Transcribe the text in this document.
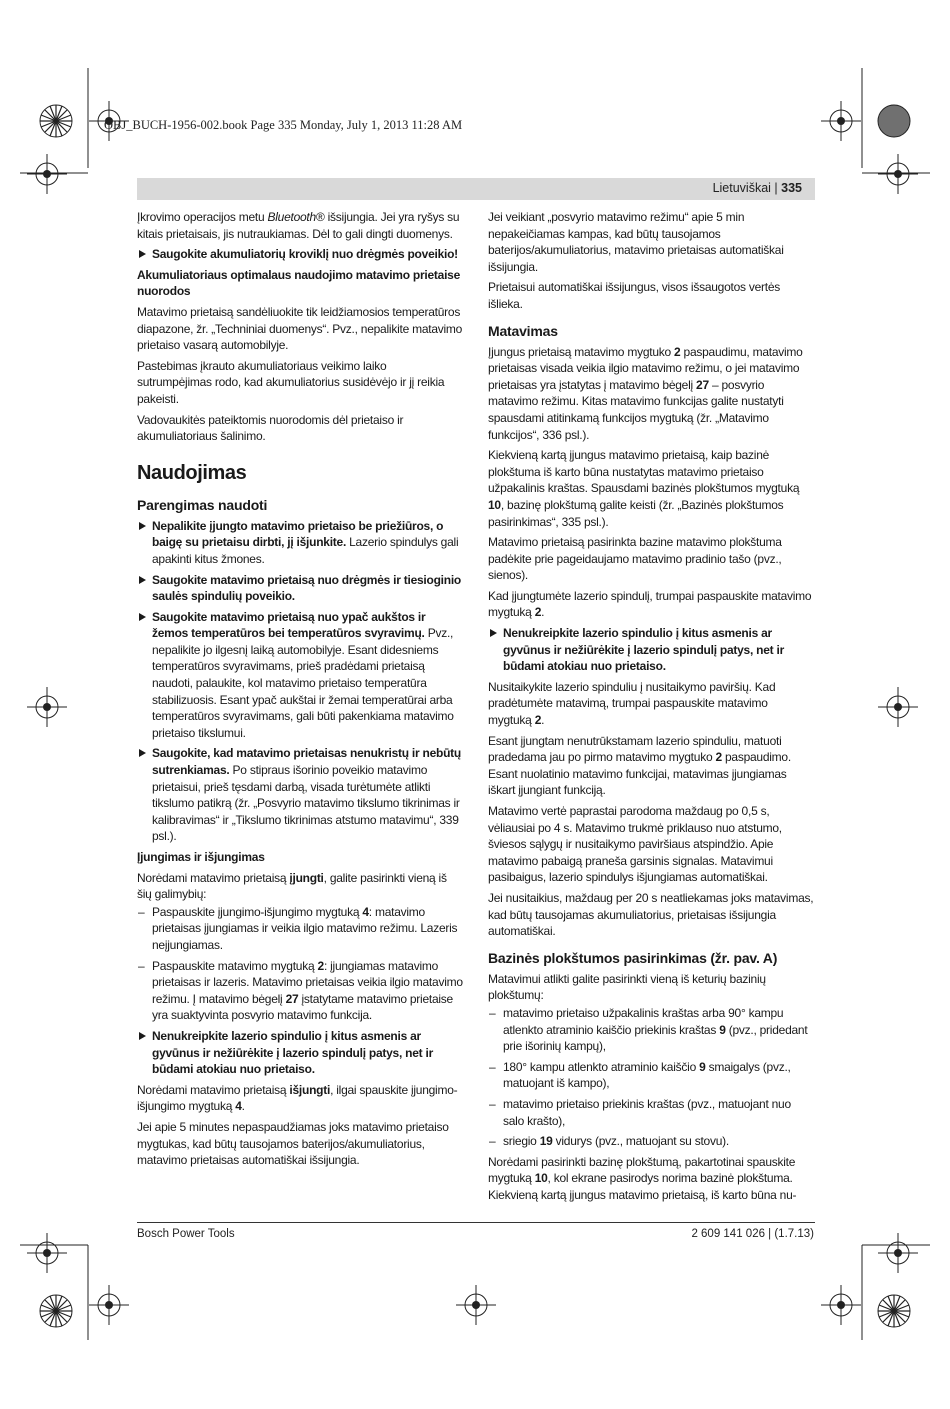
OBJ_BUCH-1956-002.book Page 335 Monday, July 1, 2013 11:28 AM
Lietuviškai | 335

Įkrovimo operacijos metu Bluetooth® išsijungia. Jei yra ryšys su kitais prietaisais, jis nutraukiamas. Dėl to gali dingti duomenys.

Saugokite akumuliatorių kroviklį nuo drėgmės poveikio!

Akumuliatoriaus optimalaus naudojimo matavimo prietaise nuorodos

Matavimo prietaisą sandėliuokite tik leidžiamosios temperatūros diapazone, žr. „Techniniai duomenys“. Pvz., nepalikite matavimo prietaiso vasarą automobilyje.

Pastebimas įkrauto akumuliatoriaus veikimo laiko sutrumpėjimas rodo, kad akumuliatorius susidėvėjo ir jį reikia pakeisti.

Vadovaukitės pateiktomis nuorodomis dėl prietaiso ir akumuliatoriaus šalinimo.

Naudojimas
Parengimas naudoti

Nepalikite įjungto matavimo prietaiso be priežiūros, o baigę su prietaisu dirbti, jį išjunkite. Lazerio spindulys gali apakinti kitus žmones.

Saugokite matavimo prietaisą nuo drėgmės ir tiesioginio saulės spindulių poveikio.

Saugokite matavimo prietaisą nuo ypač aukštos ir žemos temperatūros bei temperatūros svyravimų. Pvz., nepalikite jo ilgesnį laiką automobilyje. Esant didesniems temperatūros svyravimams, prieš pradėdami prietaisą naudoti, palaukite, kol matavimo prietaiso temperatūra stabilizuosis. Esant ypač aukštai ir žemai temperatūrai arba temperatūros svyravimams, gali būti pakenkiama matavimo prietaiso tikslumui.

Saugokite, kad matavimo prietaisas nenukristų ir nebūtų sutrenkiamas. Po stipraus išorinio poveikio matavimo prietaisui, prieš tęsdami darbą, visada turėtumėte atlikti tikslumo patikrą (žr. „Posvyrio matavimo tikslumo tikrinimas ir kalibravimas“ ir „Tikslumo tikrinimas atstumo matavimu“, 339 psl.).

Įjungimas ir išjungimas

Norėdami matavimo prietaisą įjungti, galite pasirinkti vieną iš šių galimybių:

– Paspauskite įjungimo-išjungimo mygtuką 4: matavimo prietaisas įjungiamas ir veikia ilgio matavimo režimu. Lazeris neįjungiamas.

– Paspauskite matavimo mygtuką 2: įjungiamas matavimo prietaisas ir lazeris. Matavimo prietaisas veikia ilgio matavimo režimu. Į matavimo bėgelį 27 įstatytame matavimo prietaise yra suaktyvinta posvyrio matavimo funkcija.

Nenukreipkite lazerio spindulio į kitus asmenis ar gyvūnus ir nežiūrėkite į lazerio spindulį patys, net ir būdami atokiau nuo prietaiso.

Norėdami matavimo prietaisą išjungti, ilgai spauskite įjungimo-išjungimo mygtuką 4.

Jei apie 5 minutes nepaspaudžiamas joks matavimo prietaiso mygtukas, kad būtų tausojamos baterijos/akumuliatorius, matavimo prietaisas automatiškai išsijungia.

Jei veikiant „posvyrio matavimo režimu“ apie 5 min nepakeičiamas kampas, kad būtų tausojamos baterijos/akumuliatorius, matavimo prietaisas automatiškai išsijungia.

Prietaisui automatiškai išsijungus, visos išsaugotos vertės išlieka.

Matavimas

Įjungus prietaisą matavimo mygtuko 2 paspaudimu, matavimo prietaisas visada veikia ilgio matavimo režimu, o jei matavimo prietaisas yra įstatytas į matavimo bėgelį 27 – posvyrio matavimo režimu. Kitas matavimo funkcijas galite nustatyti spausdami atitinkamą funkcijos mygtuką (žr. „Matavimo funkcijos“, 336 psl.).

Kiekvieną kartą įjungus matavimo prietaisą, kaip bazinė plokštuma iš karto būna nustatytas matavimo prietaiso užpakalinis kraštas. Spausdami bazinės plokštumos mygtuką 10, bazinę plokštumą galite keisti (žr. „Bazinės plokštumos pasirinkimas“, 335 psl.).

Matavimo prietaisą pasirinkta bazine matavimo plokštuma padėkite prie pageidaujamo matavimo pradinio tašo (pvz., sienos).

Kad įjungtumėte lazerio spindulį, trumpai paspauskite matavimo mygtuką 2.

Nenukreipkite lazerio spindulio į kitus asmenis ar gyvūnus ir nežiūrėkite į lazerio spindulį patys, net ir būdami atokiau nuo prietaiso.

Nusitaikykite lazerio spinduliu į nusitaikymo paviršių. Kad pradėtumėte matavimą, trumpai paspauskite matavimo mygtuką 2.

Esant įjungtam nenutrūkstamam lazerio spinduliu, matuoti pradedama jau po pirmo matavimo mygtuko 2 paspaudimo. Esant nuolatinio matavimo funkcijai, matavimas įjungiamas iškart įjungiant funkciją.

Matavimo vertė paprastai parodoma maždaug po 0,5 s, vėliausiai po 4 s. Matavimo trukmė priklauso nuo atstumo, šviesos sąlygų ir nusitaikymo paviršiaus atspindžio. Apie matavimo pabaigą praneša garsinis signalas. Matavimui pasibaigus, lazerio spindulys išjungiamas automatiškai.

Jei nusitaikius, maždaug per 20 s neatliekamas joks matavimas, kad būtų tausojamas akumuliatorius, prietaisas išsijungia automatiškai.

Bazinės plokštumos pasirinkimas (žr. pav. A)

Matavimui atlikti galite pasirinkti vieną iš keturių bazinių plokštumų:

– matavimo prietaiso užpakalinis kraštas arba 90° kampu atlenkto atraminio kaiščio priekinis kraštas 9 (pvz., pridedant prie išorinių kampų),

– 180° kampu atlenkto atraminio kaiščio 9 smaigalys (pvz., matuojant iš kampo),

– matavimo prietaiso priekinis kraštas (pvz., matuojant nuo salo krašto),

– sriegio 19 vidurys (pvz., matuojant su stovu).

Norėdami pasirinkti bazinę plokštumą, pakartotinai spauskite mygtuką 10, kol ekrane pasirodys norima bazinė plokštuma. Kiekvieną kartą įjungus matavimo prietaisą, iš karto būna nu-

Bosch Power Tools	2 609 141 026 | (1.7.13)
